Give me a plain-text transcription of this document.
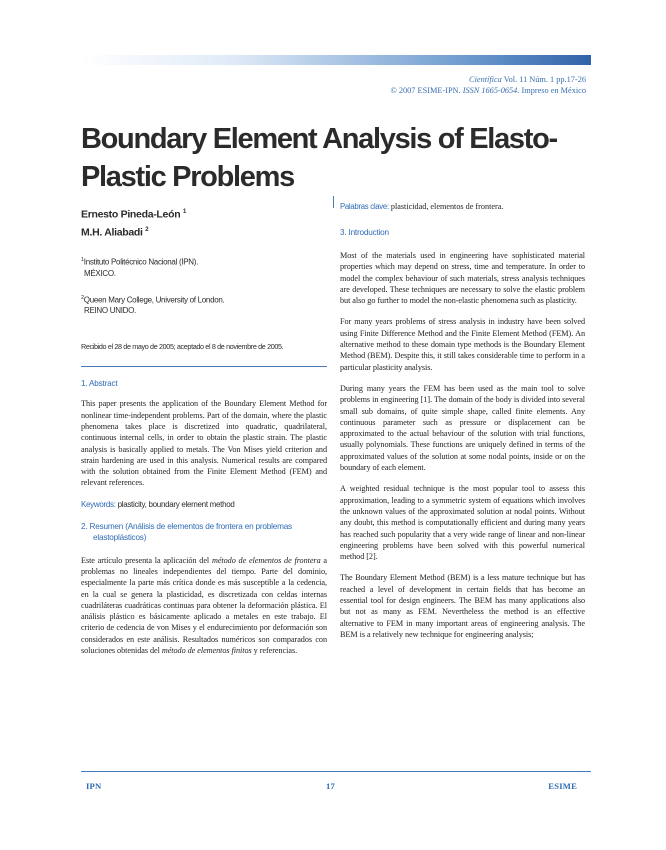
Científica Vol. 11 Núm. 1 pp.17-26
© 2007 ESIME-IPN. ISSN 1665-0654. Impreso en México
Boundary Element Analysis of Elasto-Plastic Problems
Ernesto Pineda-León $^1$
M.H. Aliabadi $^2$
$^1$Instituto Politécnico Nacional (IPN).
MÉXICO.
$^2$Queen Mary College, University of London.
REINO UNIDO.
Recibido el 28 de mayo de 2005; aceptado el 8 de noviembre de 2005.
1. Abstract

This paper presents the application of the Boundary Element Method for nonlinear time-independent problems. Part of the domain, where the plastic phenomena takes place is discretized into quadratic, quadrilateral, continuous internal cells, in order to obtain the plastic strain. The plastic analysis is basically applied to metals. The Von Mises yield criterion and strain hardening are used in this analysis. Numerical results are compared with the solution obtained from the Finite Element Method (FEM) and relevant references.

Keywords: plasticity, boundary element method
2. Resumen (Análisis de elementos de frontera en problemas elastoplásticos)

Este artículo presenta la aplicación del método de elementos de frontera a problemas no lineales independientes del tiempo. Parte del dominio, especialmente la parte más crítica donde es más susceptible a la cedencia, en la cual se genera la plasticidad, es discretizada con celdas internas cuadriláteras cuadráticas continuas para obtener la deformación plástica. El análisis plástico es básicamente aplicado a metales en este trabajo. El criterio de cedencia de von Mises y el endurecimiento por deformación son considerados en este análisis. Resultados numéricos son comparados con soluciones obtenidas del método de elementos finitos y referencias.

Palabras clave: plasticidad, elementos de frontera.
3. Introduction

Most of the materials used in engineering have sophisticated material properties which may depend on stress, time and temperature. In order to model the complex behaviour of such materials, stress analysis techniques are developed. These techniques are necessary to solve the elastic problem but also go further to model the non-elastic phenomena such as plasticity.

For many years problems of stress analysis in industry have been solved using Finite Difference Method and the Finite Element Method (FEM). An alternative method to these domain type methods is the Boundary Element Method (BEM). Despite this, it still takes considerable time to perform in a particular plasticity analysis.

During many years the FEM has been used as the main tool to solve problems in engineering [1]. The domain of the body is divided into several small sub domains, of quite simple shape, called finite elements. Any continuous parameter such as pressure or displacement can be approximated to the actual behaviour of the solution with trial functions, usually polynomials. These functions are uniquely defined in terms of the approximated values of the solution at some nodal points, inside or on the boundary of each element.

A weighted residual technique is the most popular tool to assess this approximation, leading to a symmetric system of equations which involves the unknown values of the approximated solution at nodal points. Without any doubt, this method is computationally efficient and during many years has reached such popularity that a very wide range of linear and non-linear engineering problems have been solved with this powerful numerical method [2].

The Boundary Element Method (BEM) is a less mature technique but has reached a level of development in certain fields that has become an essential tool for design engineers. The BEM has many applications also but not as many as FEM. Nevertheless the method is an effective alternative to FEM in many important areas of engineering analysis. The BEM is a relatively new technique for engineering analysis;

IPN	17	ESIME
